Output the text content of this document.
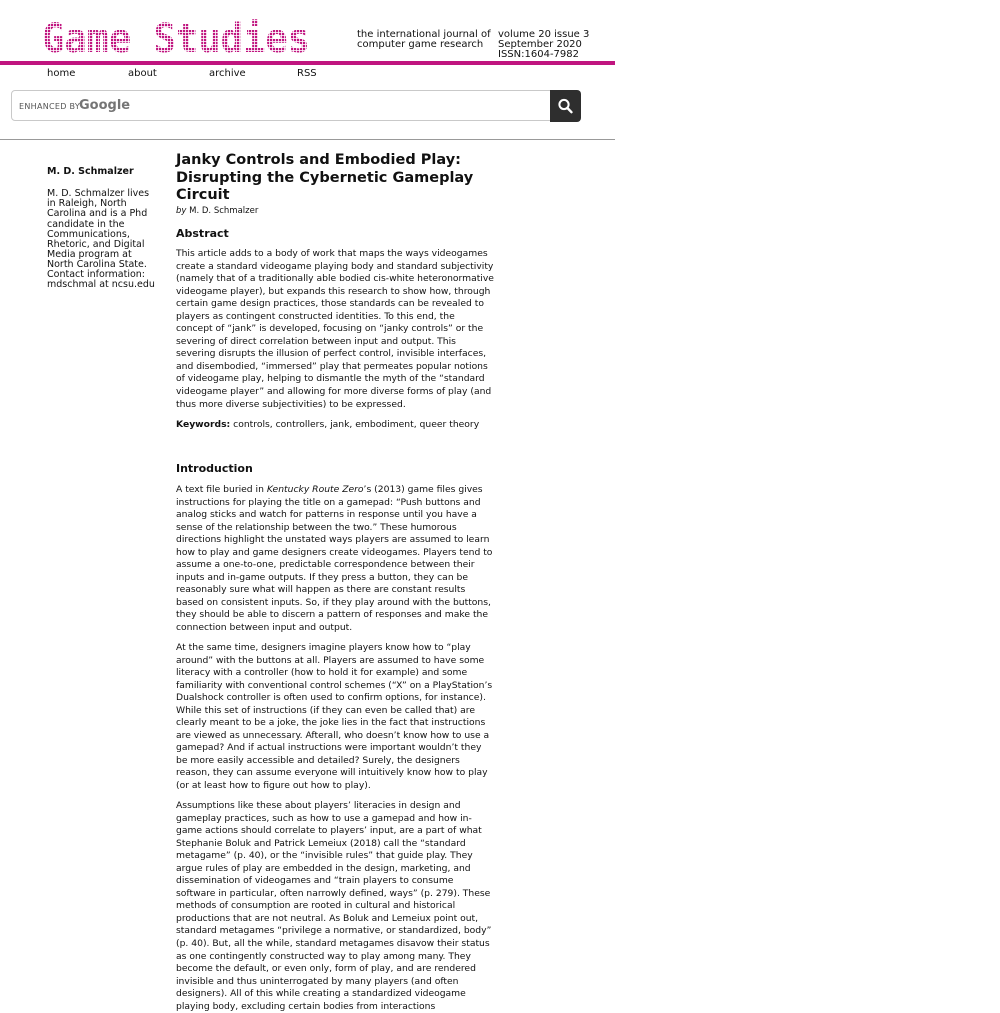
Game Studies	the international journal of
computer game research
volume 20 issue 3
September 2020
ISSN:1604-7982
home	about	archive	RSS
ENHANCED BY
Google
M. D. Schmalzer
M. D. Schmalzer lives in Raleigh, North Carolina and is a Phd candidate in the Communications, Rhetoric, and Digital Media program at North Carolina State.
Contact information:
mdschmal at ncsu.edu
Janky Controls and Embodied Play: Disrupting the Cybernetic Gameplay Circuit
by M. D. Schmalzer
Abstract

This article adds to a body of work that maps the ways videogames create a standard videogame playing body and standard subjectivity (namely that of a traditionally able bodied cis-white heteronormative videogame player), but expands this research to show how, through certain game design practices, those standards can be revealed to players as contingent constructed identities. To this end, the concept of “jank” is developed, focusing on “janky controls” or the severing of direct correlation between input and output. This severing disrupts the illusion of perfect control, invisible interfaces, and disembodied, “immersed” play that permeates popular notions of videogame play, helping to dismantle the myth of the “standard videogame player” and allowing for more diverse forms of play (and thus more diverse subjectivities) to be expressed.

Keywords: controls, controllers, jank, embodiment, queer theory

Introduction

A text file buried in Kentucky Route Zero’s (2013) game files gives instructions for playing the title on a gamepad: “Push buttons and analog sticks and watch for patterns in response until you have a sense of the relationship between the two.” These humorous directions highlight the unstated ways players are assumed to learn how to play and game designers create videogames. Players tend to assume a one-to-one, predictable correspondence between their inputs and in-game outputs. If they press a button, they can be reasonably sure what will happen as there are constant results based on consistent inputs. So, if they play around with the buttons, they should be able to discern a pattern of responses and make the connection between input and output.

At the same time, designers imagine players know how to “play around” with the buttons at all. Players are assumed to have some literacy with a controller (how to hold it for example) and some familiarity with conventional control schemes (“X” on a PlayStation’s Dualshock controller is often used to confirm options, for instance). While this set of instructions (if they can even be called that) are clearly meant to be a joke, the joke lies in the fact that instructions are viewed as unnecessary. Afterall, who doesn’t know how to use a gamepad? And if actual instructions were important wouldn’t they be more easily accessible and detailed? Surely, the designers reason, they can assume everyone will intuitively know how to play (or at least how to figure out how to play).

Assumptions like these about players’ literacies in design and gameplay practices, such as how to use a gamepad and how in-game actions should correlate to players’ input, are a part of what Stephanie Boluk and Patrick Lemeiux (2018) call the “standard metagame” (p. 40), or the “invisible rules” that guide play. They argue rules of play are embedded in the design, marketing, and dissemination of videogames and “train players to consume software in particular, often narrowly defined, ways” (p. 279). These methods of consumption are rooted in cultural and historical productions that are not neutral. As Boluk and Lemeiux point out, standard metagames “privilege a normative, or standardized, body” (p. 40). But, all the while, standard metagames disavow their status as one contingently constructed way to play among many. They become the default, or even only, form of play, and are rendered invisible and thus uninterrogated by many players (and often designers). All of this while creating a standardized videogame playing body, excluding certain bodies from interactions
